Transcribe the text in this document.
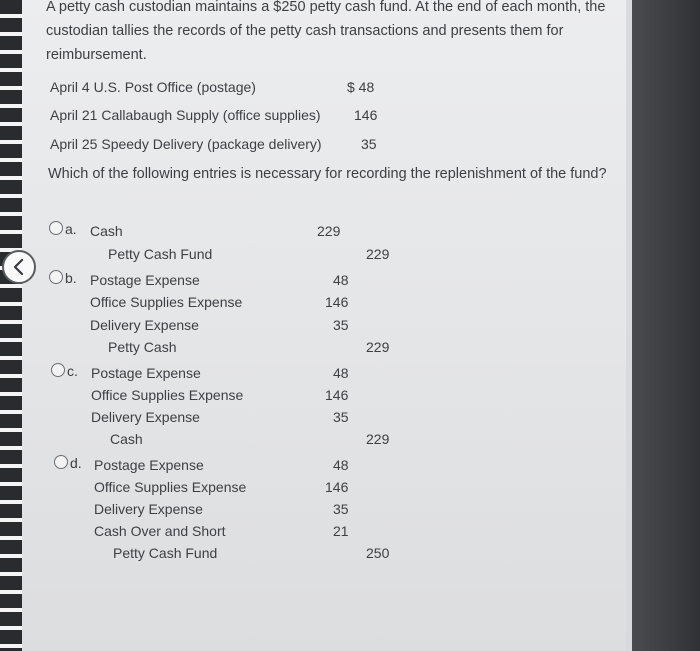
A petty cash custodian maintains a $250 petty cash fund. At the end of each month, the custodian tallies the records of the petty cash transactions and presents them for reimbursement.
April 4 U.S. Post Office (postage)	$ 48
April 21 Callabaugh Supply (office supplies) 146
April 25 Speedy Delivery (package delivery)	35
Which of the following entries is necessary for recording the replenishment of the fund?
a. Cash	229
Petty Cash Fund	229
b. Postage Expense	48
Office Supplies Expense	146
Delivery Expense	35
Petty Cash	229
c. Postage Expense	48
Office Supplies Expense	146
Delivery Expense	35
Cash	229
d. Postage Expense	48
Office Supplies Expense	146
Delivery Expense	35
Cash Over and Short	21
Petty Cash Fund	250
